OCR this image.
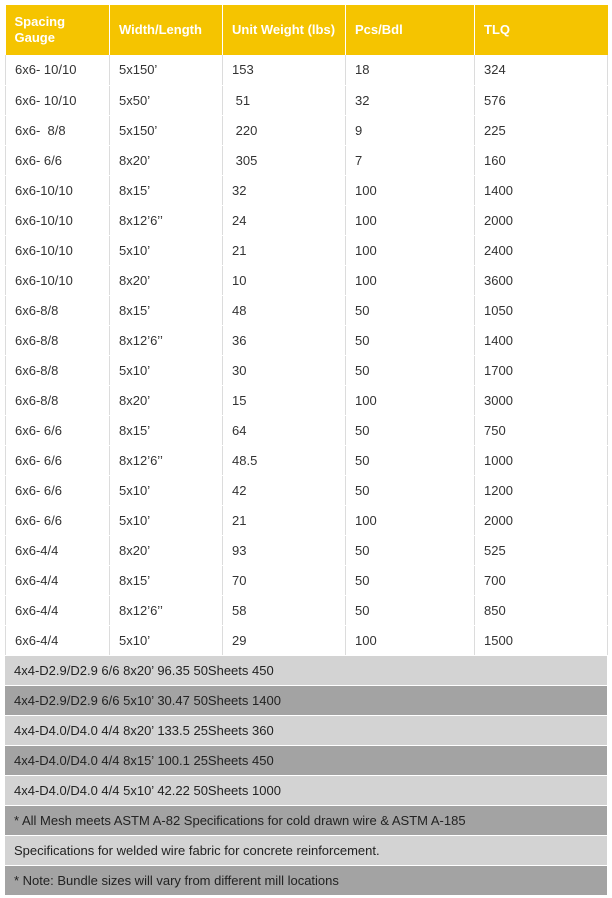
Spacing
Gauge	Width/Length	Unit Weight (lbs)	Pcs/Bdl	TLQ
6x6- 10/10	5x150’	153	18	324
6x6- 10/10	5x50’	51	32	576
6x6-  8/8	5x150’	220	9	225
6x6- 6/6	8x20’	305	7	160
6x6-10/10	8x15’	32	100	1400
6x6-10/10	8x12’6’’	24	100	2000
6x6-10/10	5x10’	21	100	2400
6x6-10/10	8x20’	10	100	3600
6x6-8/8	8x15’	48	50	1050
6x6-8/8	8x12’6’’	36	50	1400
6x6-8/8	5x10’	30	50	1700
6x6-8/8	8x20’	15	100	3000
6x6- 6/6	8x15’	64	50	750
6x6- 6/6	8x12’6’’	48.5	50	1000
6x6- 6/6	5x10’	42	50	1200
6x6- 6/6	5x10’	21	100	2000
6x6-4/4	8x20’	93	50	525
6x6-4/4	8x15’	70	50	700
6x6-4/4	8x12’6’’	58	50	850
6x6-4/4	5x10’	29	100	1500
4x4-D2.9/D2.9 6/6 8x20’ 96.35 50Sheets 450
4x4-D2.9/D2.9 6/6 5x10’ 30.47 50Sheets 1400
4x4-D4.0/D4.0 4/4 8x20’ 133.5 25Sheets 360
4x4-D4.0/D4.0 4/4 8x15’ 100.1 25Sheets 450
4x4-D4.0/D4.0 4/4 5x10’ 42.22 50Sheets 1000
* All Mesh meets ASTM A-82 Specifications for cold drawn wire & ASTM A-185
Specifications for welded wire fabric for concrete reinforcement.
* Note: Bundle sizes will vary from different mill locations
